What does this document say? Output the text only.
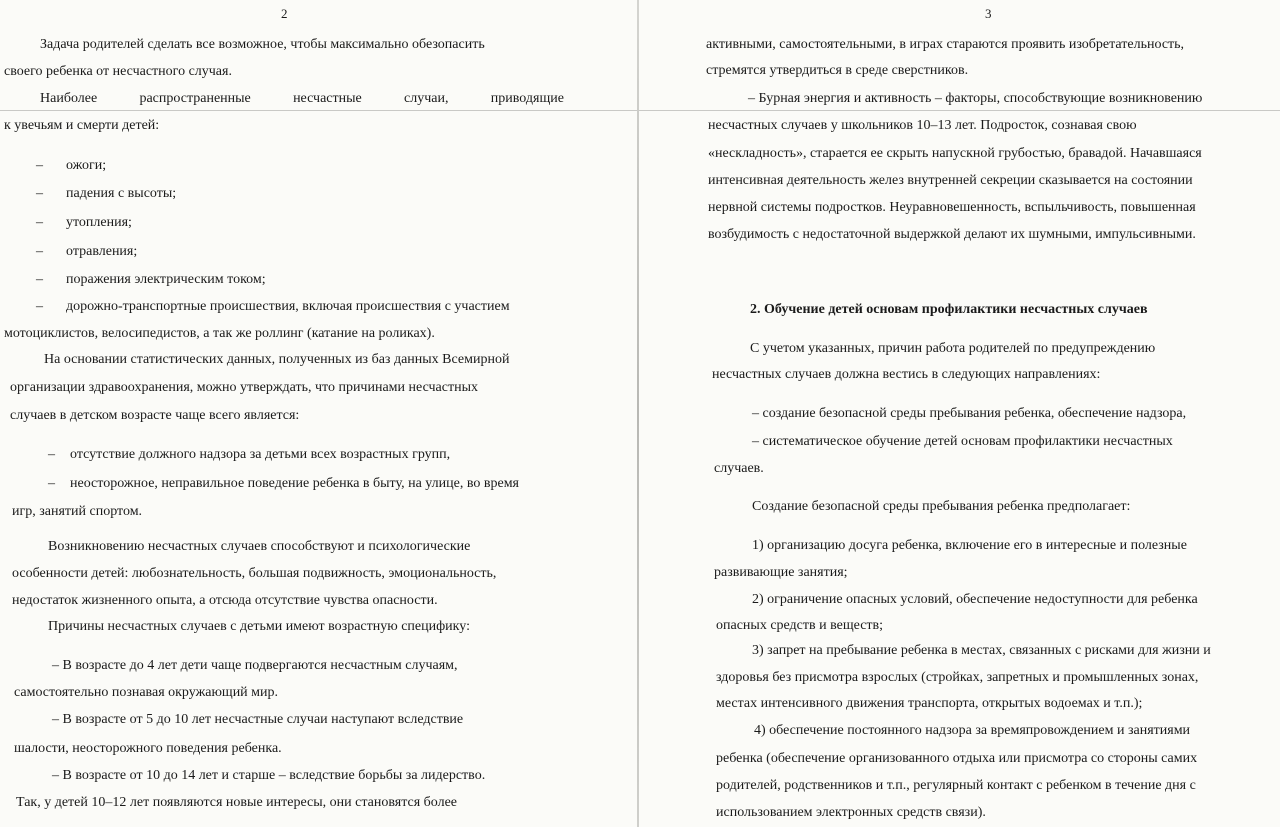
2
Задача родителей сделать все возможное, чтобы максимально обезопасить
своего ребенка от несчастного случая.
Наиболее	распространенные	несчастные	случаи,	приводящие
к увечьям и смерти детей:
– ожоги;
– падения с высоты;
– утопления;
– отравления;
– поражения электрическим током;
– дорожно-транспортные происшествия, включая происшествия с участием
мотоциклистов, велосипедистов, а так же роллинг (катание на роликах).
На основании статистических данных, полученных из баз данных Всемирной
организации здравоохранения, можно утверждать, что причинами несчастных
случаев в детском возрасте чаще всего является:
– отсутствие должного надзора за детьми всех возрастных групп,
– неосторожное, неправильное поведение ребенка в быту, на улице, во время
игр, занятий спортом.
Возникновению несчастных случаев способствуют и психологические
особенности детей: любознательность, большая подвижность, эмоциональность,
недостаток жизненного опыта, а отсюда отсутствие чувства опасности.
Причины несчастных случаев с детьми имеют возрастную специфику:
– В возрасте до 4 лет дети чаще подвергаются несчастным случаям,
самостоятельно познавая окружающий мир.
– В возрасте от 5 до 10 лет несчастные случаи наступают вследствие
шалости, неосторожного поведения ребенка.
– В возрасте от 10 до 14 лет и старше – вследствие борьбы за лидерство.
Так, у детей 10–12 лет появляются новые интересы, они становятся более
3
активными, самостоятельными, в играх стараются проявить изобретательность,
стремятся утвердиться в среде сверстников.
– Бурная энергия и активность – факторы, способствующие возникновению
несчастных случаев у школьников 10–13 лет. Подросток, сознавая свою
«нескладность», старается ее скрыть напускной грубостью, бравадой. Начавшаяся
интенсивная деятельность желез внутренней секреции сказывается на состоянии
нервной системы подростков. Неуравновешенность, вспыльчивость, повышенная
возбудимость с недостаточной выдержкой делают их шумными, импульсивными.
2. Обучение детей основам профилактики несчастных случаев
С учетом указанных, причин работа родителей по предупреждению
несчастных случаев должна вестись в следующих направлениях:
– создание безопасной среды пребывания ребенка, обеспечение надзора,
– систематическое обучение детей основам профилактики несчастных
случаев.
Создание безопасной среды пребывания ребенка предполагает:
1) организацию досуга ребенка, включение его в интересные и полезные
развивающие занятия;
2) ограничение опасных условий, обеспечение недоступности для ребенка
опасных средств и веществ;
3) запрет на пребывание ребенка в местах, связанных с рисками для жизни и
здоровья без присмотра взрослых (стройках, запретных и промышленных зонах,
местах интенсивного движения транспорта, открытых водоемах и т.п.);
4) обеспечение постоянного надзора за времяпровождением и занятиями
ребенка (обеспечение организованного отдыха или присмотра со стороны самих
родителей, родственников и т.п., регулярный контакт с ребенком в течение дня с
использованием электронных средств связи).
